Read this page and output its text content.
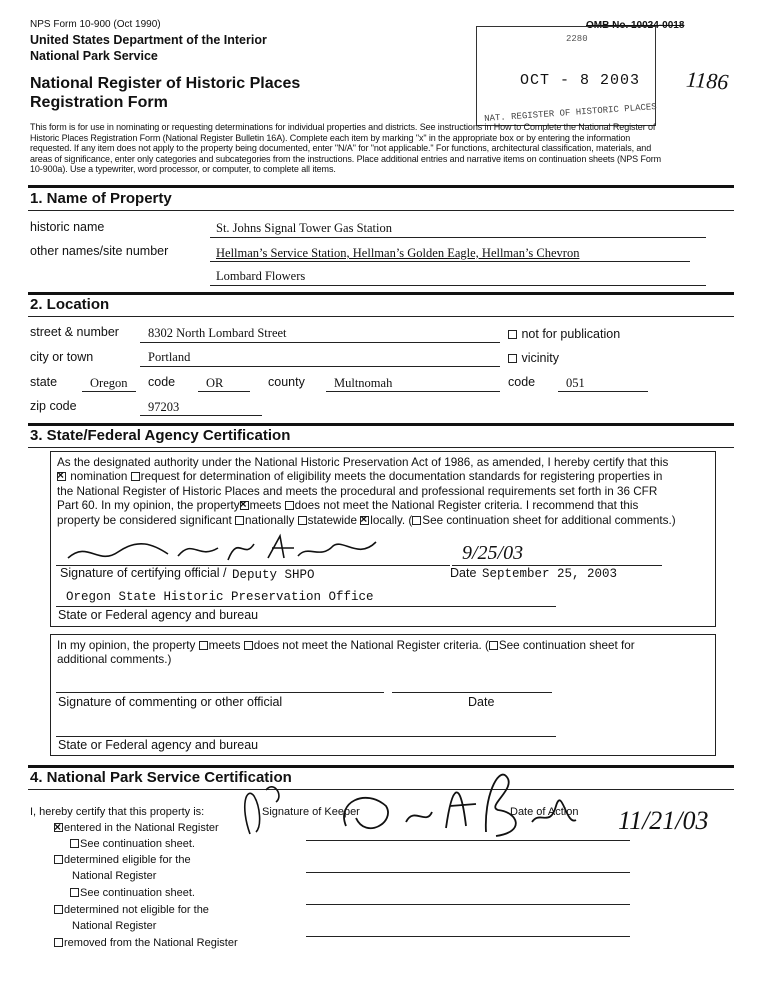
NPS Form 10-900 (Oct 1990)
United States Department of the Interior
National Park Service
National Register of Historic Places
Registration Form
OMB No. 10024-0018
2280
OCT - 8 2003
NAT. REGISTER OF HISTORIC PLACES
1186
This form is for use in nominating or requesting determinations for individual properties and districts. See instructions in How to Complete the National Register of
Historic Places Registration Form (National Register Bulletin 16A). Complete each item by marking "x" in the appropriate box or by entering the information
requested. If any item does not apply to the property being documented, enter "N/A" for "not applicable." For functions, architectural classification, materials, and
areas of significance, enter only categories and subcategories from the instructions. Place additional entries and narrative items on continuation sheets (NPS Form
10-900a). Use a typewriter, word processor, or computer, to complete all items.
1. Name of Property
historic name	St. Johns Signal Tower Gas Station
other names/site number	Hellman’s Service Station, Hellman’s Golden Eagle, Hellman’s Chevron
Lombard Flowers
2. Location
street & number 8302 North Lombard Street	not for publication
city or town	Portland	vicinity
state	Oregon code OR	county Multnomah	code 051
zip code	97203
3. State/Federal Agency Certification
As the designated authority under the National Historic Preservation Act of 1986, as amended, I hereby certify that this
× nomination request for determination of eligibility meets the documentation standards for registering properties in
the National Register of Historic Places and meets the procedural and professional requirements set forth in 36 CFR
Part 60. In my opinion, the property× meets does not meet the National Register criteria. I recommend that this
property be considered significant nationally statewide ×locally. ( See continuation sheet for additional comments.)
9/25/03
Signature of certifying official / Deputy SHPO	Date September 25, 2003
Oregon State Historic Preservation Office
State or Federal agency and bureau
In my opinion, the property meets does not meet the National Register criteria. ( See continuation sheet for
additional comments.)
Signature of commenting or other official	Date
State or Federal agency and bureau
4. National Park Service Certification
I, hereby certify that this property is:
×entered in the National Register
See continuation sheet.
determined eligible for the
National Register
See continuation sheet.
determined not eligible for the
National Register
removed from the National Register
Signature of Keeper	Date of Action 11/21/03
